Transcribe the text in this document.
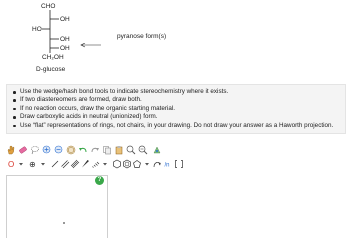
CHO
OH
HO
OH
OH
CH₂OH
D-glucose
pyranose form(s)
Use the wedge/hash bond tools to indicate stereochemistry where it exists.
If two diastereomers are formed, draw both.
If no reaction occurs, draw the organic starting material.
Draw carboxylic acids in neutral (unionized) form.
Use “flat” representations of rings, not chairs, in your drawing. Do not draw your answer as a Haworth projection.
O ⊕	/n
?
